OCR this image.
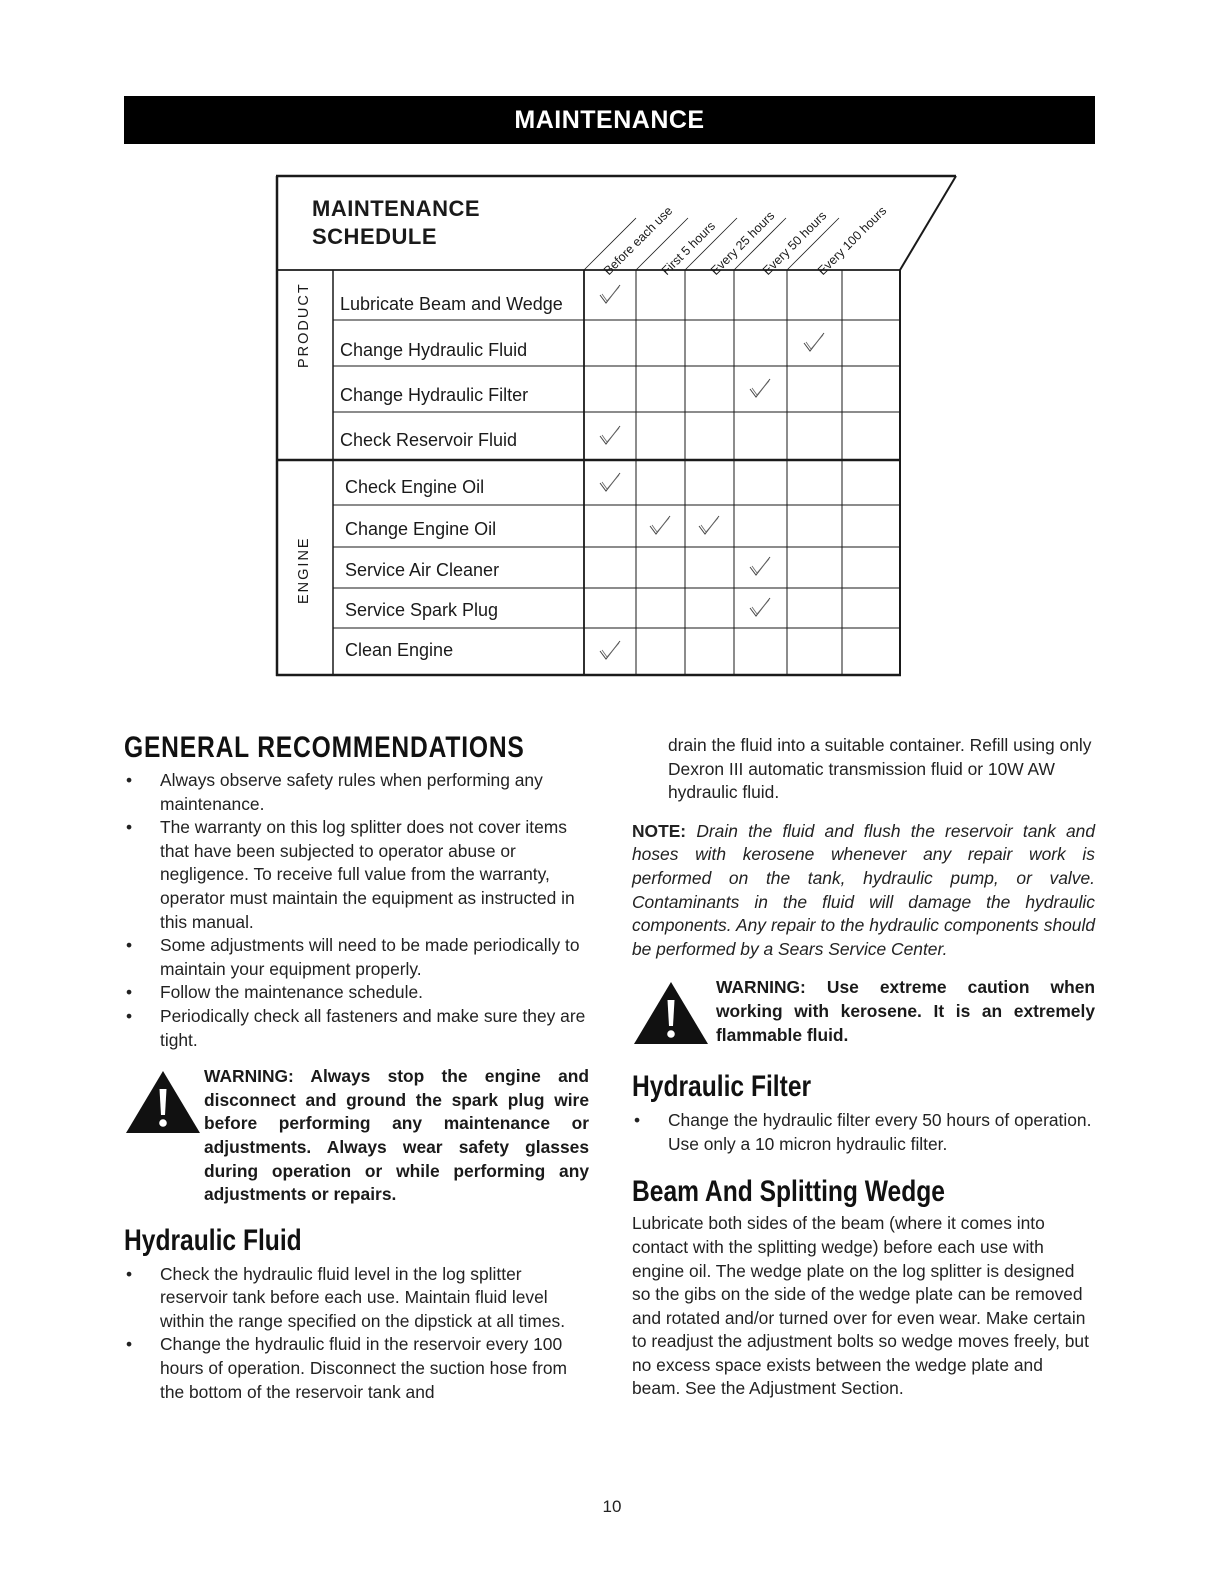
MAINTENANCE
MAINTENANCE
SCHEDULE	Before each use
First 5 hours
Every 25 hours
Every 50 hours
Every 100 hours
PRODUCT
ENGINE
Lubricate Beam and Wedge
Change Hydraulic Fluid
Change Hydraulic Filter
Check Reservoir Fluid
Check Engine Oil
Change Engine Oil
Service Air Cleaner
Service Spark Plug
Clean Engine
GENERAL RECOMMENDATIONS
• Always observe safety rules when performing any maintenance.
• The warranty on this log splitter does not cover items that have been subjected to operator abuse or negligence. To receive full value from the warranty, operator must maintain the equipment as instructed in this manual.
• Some adjustments will need to be made periodically to maintain your equipment properly.
• Follow the maintenance schedule.
• Periodically check all fasteners and make sure they are tight.
WARNING: Always stop the engine and disconnect and ground the spark plug wire before performing any maintenance or adjustments. Always wear safety glasses during operation or while performing any adjustments or repairs.
Hydraulic Fluid
• Check the hydraulic fluid level in the log splitter reservoir tank before each use. Maintain fluid level within the range specified on the dipstick at all times.
• Change the hydraulic fluid in the reservoir every 100 hours of operation. Disconnect the suction hose from the bottom of the reservoir tank and
drain the fluid into a suitable container. Refill using only Dexron III automatic transmission fluid or 10W AW hydraulic fluid.
NOTE: Drain the fluid and flush the reservoir tank and hoses with kerosene whenever any repair work is performed on the tank, hydraulic pump, or valve. Contaminants in the fluid will damage the hydraulic components. Any repair to the hydraulic components should be performed by a Sears Service Center.
WARNING: Use extreme caution when working with kerosene. It is an extremely flammable fluid.
Hydraulic Filter
• Change the hydraulic filter every 50 hours of operation. Use only a 10 micron hydraulic filter.
Beam And Splitting Wedge
Lubricate both sides of the beam (where it comes into contact with the splitting wedge) before each use with engine oil. The wedge plate on the log splitter is designed so the gibs on the side of the wedge plate can be removed and rotated and/or turned over for even wear. Make certain to readjust the adjustment bolts so wedge moves freely, but no excess space exists between the wedge plate and beam. See the Adjustment Section.
10
